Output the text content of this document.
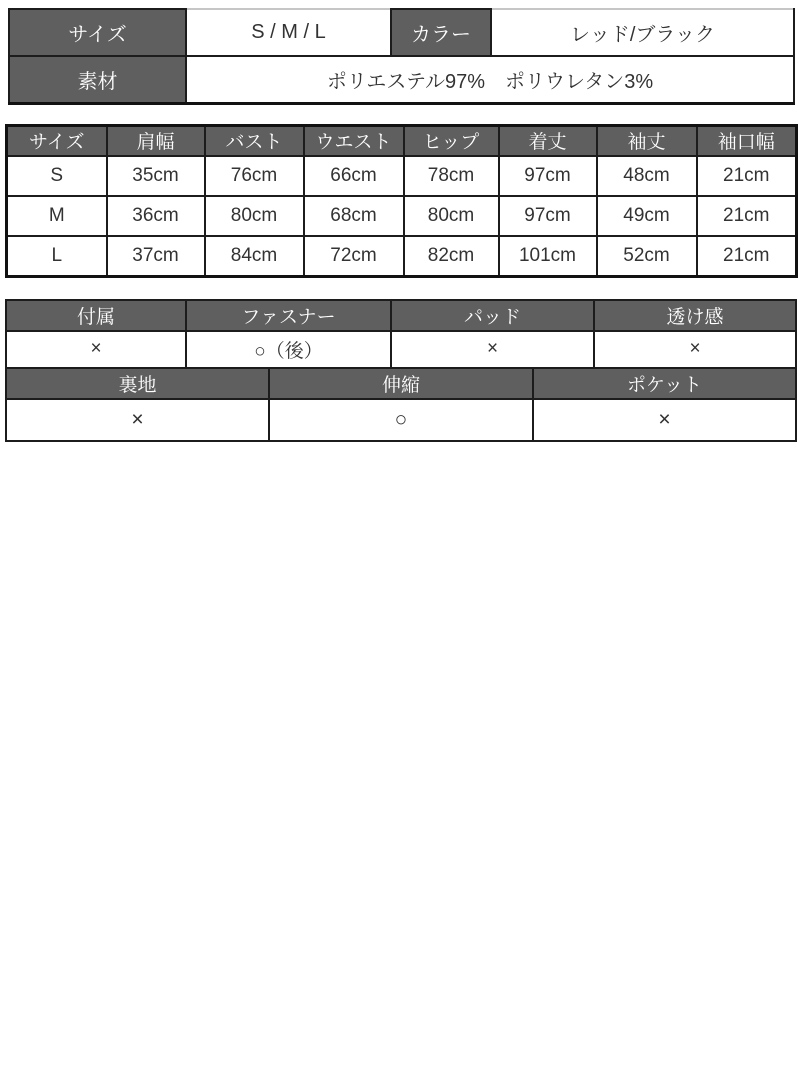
サイズ	S / M / L	カラー	レッド/ブラック
素材	ポリエステル97%　ポリウレタン3%		
サイズ	肩幅	バスト	ウエスト	ヒップ	着丈	袖丈	袖口幅
S	35cm	76cm	66cm	78cm	97cm	48cm	21cm
M	36cm	80cm	68cm	80cm	97cm	49cm	21cm
L	37cm	84cm	72cm	82cm	101cm	52cm	21cm
付属	ファスナー	パッド	透け感
×	○（後）	×	×
裏地	伸縮	ポケット
×	○	×
